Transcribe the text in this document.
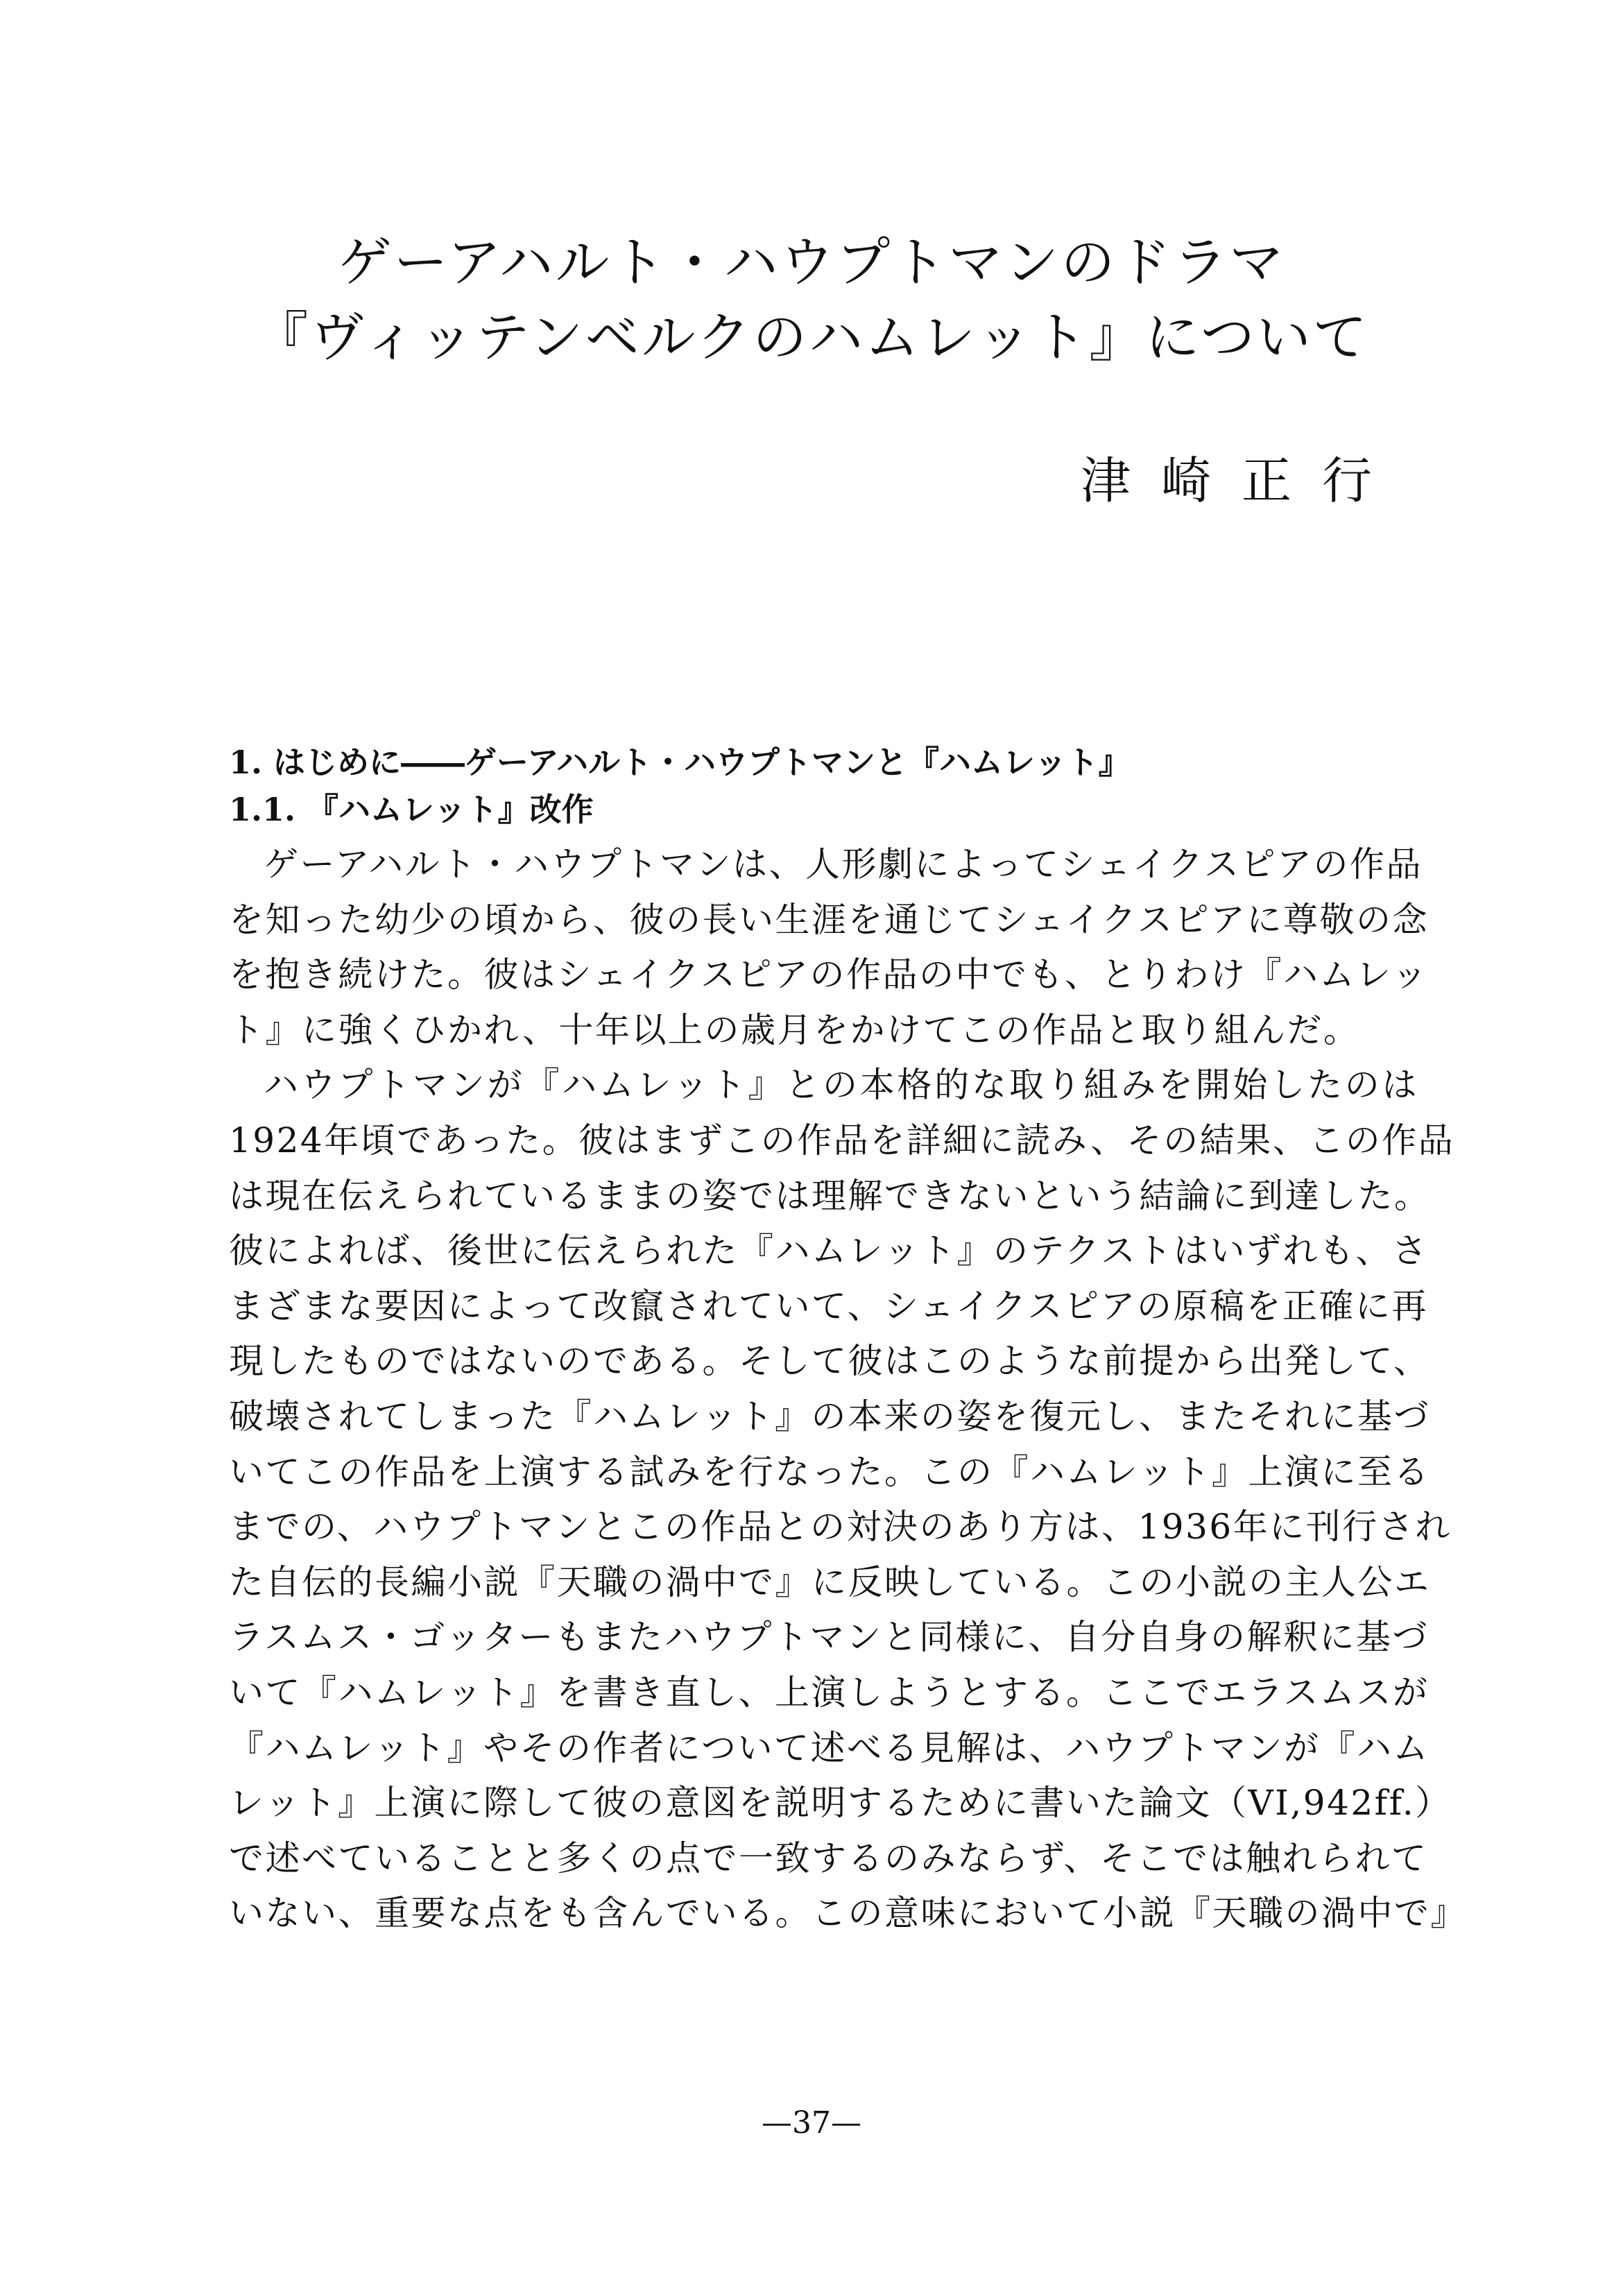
ゲーアハルト・ハウプトマンのドラマ
『ヴィッテンベルクのハムレット』について
津崎正行
1. はじめに――ゲーアハルト・ハウプトマンと『ハムレット』
1.1. 『ハムレット』改作
ゲーアハルト・ハウプトマンは、人形劇によってシェイクスピアの作品
を知った幼少の頃から、彼の長い生涯を通じてシェイクスピアに尊敬の念
を抱き続けた。彼はシェイクスピアの作品の中でも、とりわけ『ハムレッ
ト』に強くひかれ、十年以上の歳月をかけてこの作品と取り組んだ。
ハウプトマンが『ハムレット』との本格的な取り組みを開始したのは
1924年頃であった。彼はまずこの作品を詳細に読み、その結果、この作品
は現在伝えられているままの姿では理解できないという結論に到達した。
彼によれば、後世に伝えられた『ハムレット』のテクストはいずれも、さ
まざまな要因によって改竄されていて、シェイクスピアの原稿を正確に再
現したものではないのである。そして彼はこのような前提から出発して、
破壊されてしまった『ハムレット』の本来の姿を復元し、またそれに基づ
いてこの作品を上演する試みを行なった。この『ハムレット』上演に至る
までの、ハウプトマンとこの作品との対決のあり方は、1936年に刊行され
た自伝的長編小説『天職の渦中で』に反映している。この小説の主人公エ
ラスムス・ゴッターもまたハウプトマンと同様に、自分自身の解釈に基づ
いて『ハムレット』を書き直し、上演しようとする。ここでエラスムスが
『ハムレット』やその作者について述べる見解は、ハウプトマンが『ハム
レット』上演に際して彼の意図を説明するために書いた論文（VI,942ff.）
で述べていることと多くの点で一致するのみならず、そこでは触れられて
いない、重要な点をも含んでいる。この意味において小説『天職の渦中で』
—37—
